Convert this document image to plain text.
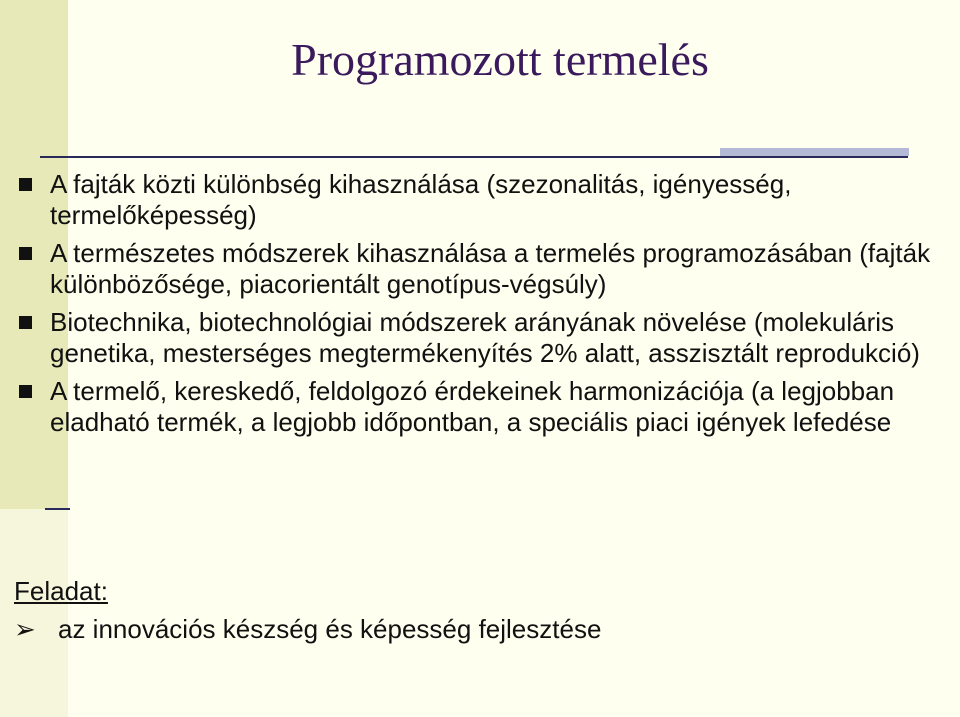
Programozott termelés
A fajták közti különbség kihasználása (szezonalitás, igényesség, termelőképesség)
A természetes módszerek kihasználása a termelés programozásában (fajták különbözősége, piacorientált genotípus-végsúly)
Biotechnika, biotechnológiai módszerek arányának növelése (molekuláris genetika, mesterséges megtermékenyítés 2% alatt, asszisztált reprodukció)
A termelő, kereskedő, feldolgozó érdekeinek harmonizációja (a legjobban eladható termék, a legjobb időpontban, a speciális piaci igények lefedése
Feladat:
➢ az innovációs készség és képesség fejlesztése
